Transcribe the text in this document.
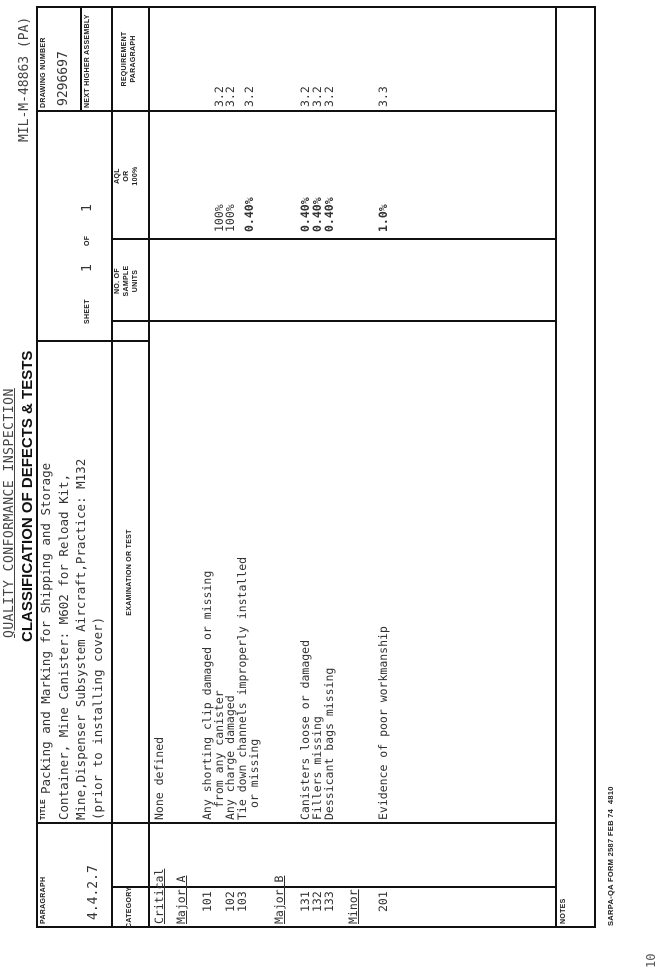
10
QUALITY CONFORMANCE INSPECTION CLASSIFICATION OF DEFECTS & TESTS
MIL-M-48863 (PA)
PARAGRAPH	4.4.2.7
TITLE
Packing and Marking for Shipping and Storage Container, Mine Canister: M602 for Reload Kit, Mine,Dispenser Subsystem Aircraft,Practice: M132 (prior to installing cover)
SHEET
1
OF
1
DRAWING NUMBER 9296697 NEXT HIGHER ASSEMBLY
CATEGORY
EXAMINATION OR TEST
NO. OF SAMPLE UNITS
AQL OR 100%
REQUIREMENT PARAGRAPH
Critical
None defined
Major A 101
Any shorting clip damaged or missing
from any canister
100%
3.2
102
Any charge damaged
100%
3.2
103
Tie down channels improperly installed
or missing
0.40%
3.2
Major B 131
Canisters loose or damaged
0.40%
3.2
132
Fillers missing
0.40%
3.2
133
Dessicant bags missing
0.40%
3.2
Minor 201
Evidence of poor workmanship
1.0%
3.3
NOTES	SARPA-QA FORM 2587 FEB 74  4810
